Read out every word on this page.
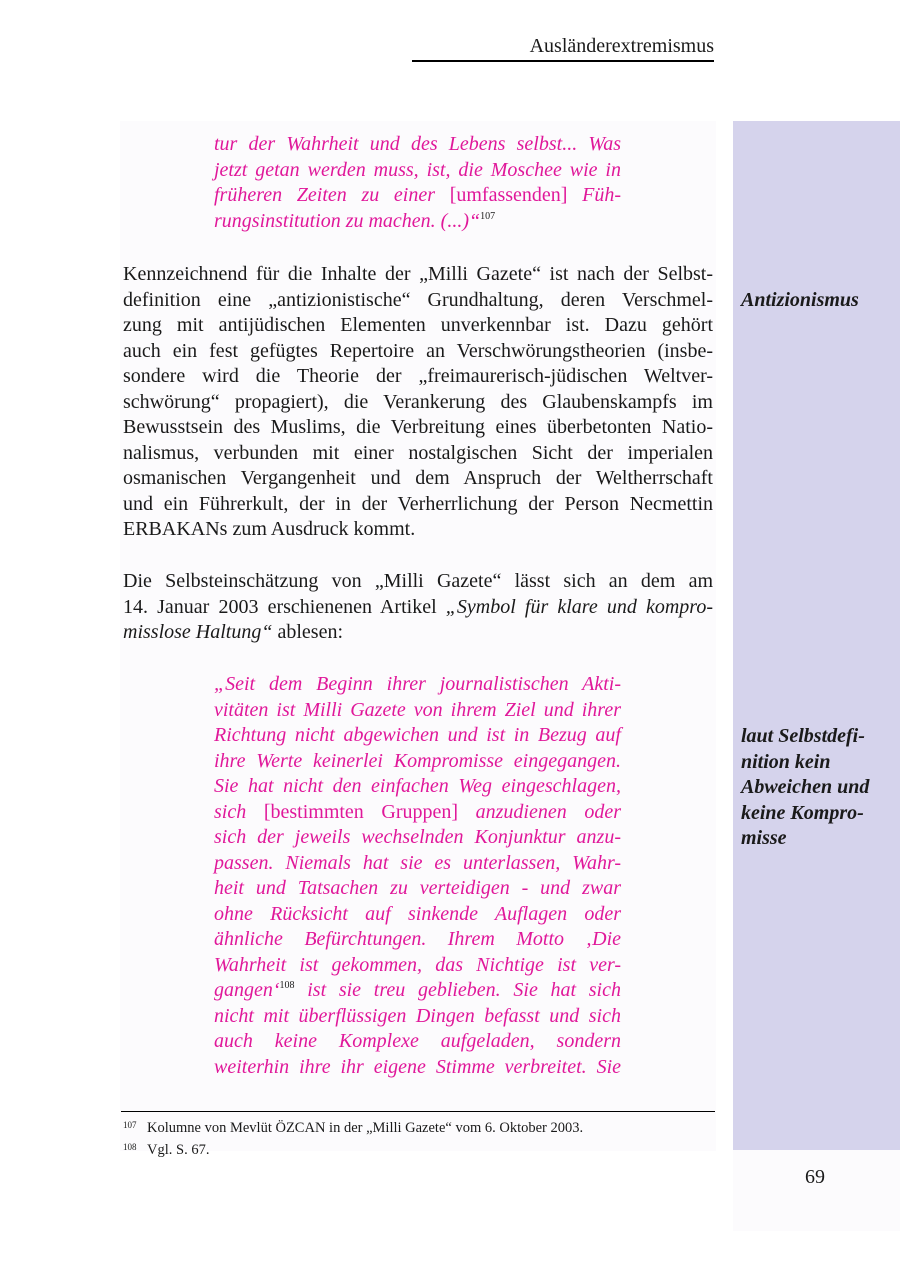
Ausländerextremismus
tur der Wahrheit und des Lebens selbst... Was
jetzt getan werden muss, ist, die Moschee wie in
früheren Zeiten zu einer [umfassenden] Füh-
rungsinstitution zu machen. (...)“$^{107}$
Kennzeichnend für die Inhalte der „Milli Gazete“ ist nach der Selbst-
definition eine „antizionistische“ Grundhaltung, deren Verschmel-
zung mit antijüdischen Elementen unverkennbar ist. Dazu gehört
auch ein fest gefügtes Repertoire an Verschwörungstheorien (insbe-
sondere wird die Theorie der „freimaurerisch-jüdischen Weltver-
schwörung“ propagiert), die Verankerung des Glaubenskampfs im
Bewusstsein des Muslims, die Verbreitung eines überbetonten Natio-
nalismus, verbunden mit einer nostalgischen Sicht der imperialen
osmanischen Vergangenheit und dem Anspruch der Weltherrschaft
und ein Führerkult, der in der Verherrlichung der Person Necmettin
ERBAKANs zum Ausdruck kommt.
Die Selbsteinschätzung von „Milli Gazete“ lässt sich an dem am
14. Januar 2003 erschienenen Artikel „Symbol für klare und kompro-
misslose Haltung“ ablesen:
„Seit dem Beginn ihrer journalistischen Akti-
vitäten ist Milli Gazete von ihrem Ziel und ihrer
Richtung nicht abgewichen und ist in Bezug auf
ihre Werte keinerlei Kompromisse eingegangen.
Sie hat nicht den einfachen Weg eingeschlagen,
sich [bestimmten Gruppen] anzudienen oder
sich der jeweils wechselnden Konjunktur anzu-
passen. Niemals hat sie es unterlassen, Wahr-
heit und Tatsachen zu verteidigen - und zwar
ohne Rücksicht auf sinkende Auflagen oder
ähnliche Befürchtungen. Ihrem Motto ‚Die
Wahrheit ist gekommen, das Nichtige ist ver-
gangen‘$^{108}$ ist sie treu geblieben. Sie hat sich
nicht mit überflüssigen Dingen befasst und sich
auch keine Komplexe aufgeladen, sondern
weiterhin ihre ihr eigene Stimme verbreitet. Sie
Antizionismus
laut Selbstdefi-
nition kein
Abweichen und
keine Kompro-
misse
107 Kolumne von Mevlüt ÖZCAN in der „Milli Gazete“ vom 6. Oktober 2003.
108 Vgl. S. 67.
69
